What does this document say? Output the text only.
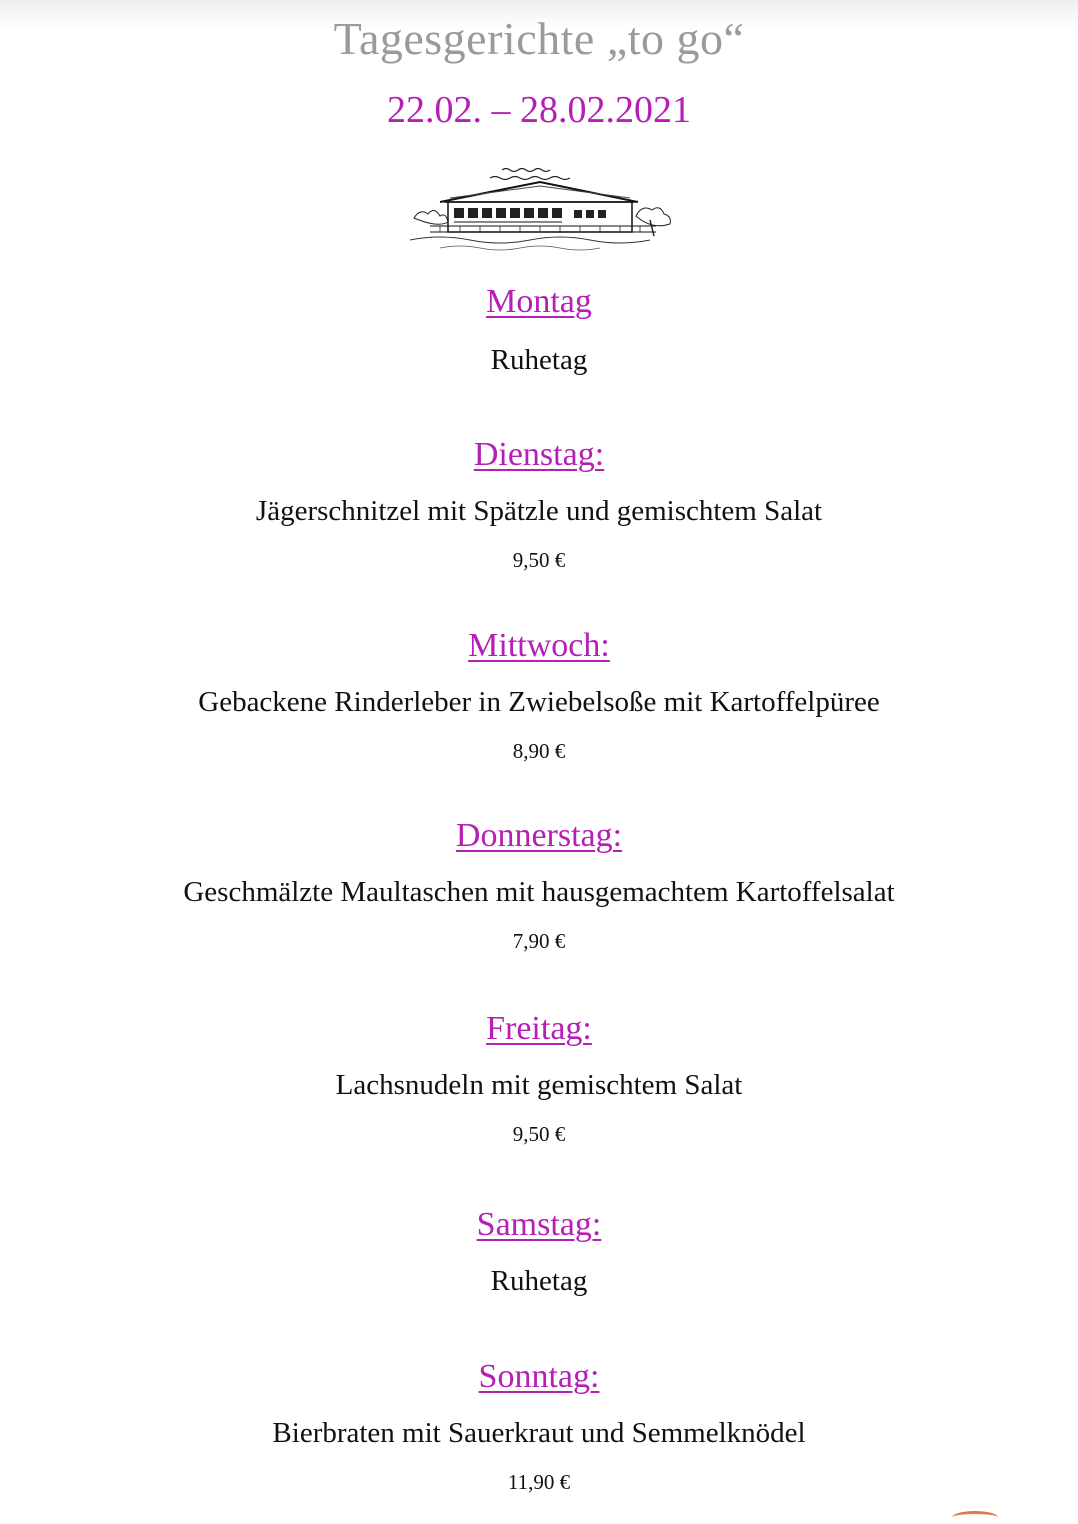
Tagesgerichte „to go“
22.02. – 28.02.2021
Montag
Ruhetag
Dienstag:
Jägerschnitzel mit Spätzle und gemischtem Salat
9,50 €
Mittwoch:
Gebackene Rinderleber in Zwiebelsoße mit Kartoffelpüree
8,90 €
Donnerstag:
Geschmälzte Maultaschen mit hausgemachtem Kartoffelsalat
7,90 €
Freitag:
Lachsnudeln mit gemischtem Salat
9,50 €
Samstag:
Ruhetag
Sonntag:
Bierbraten mit Sauerkraut und Semmelknödel
11,90 €
